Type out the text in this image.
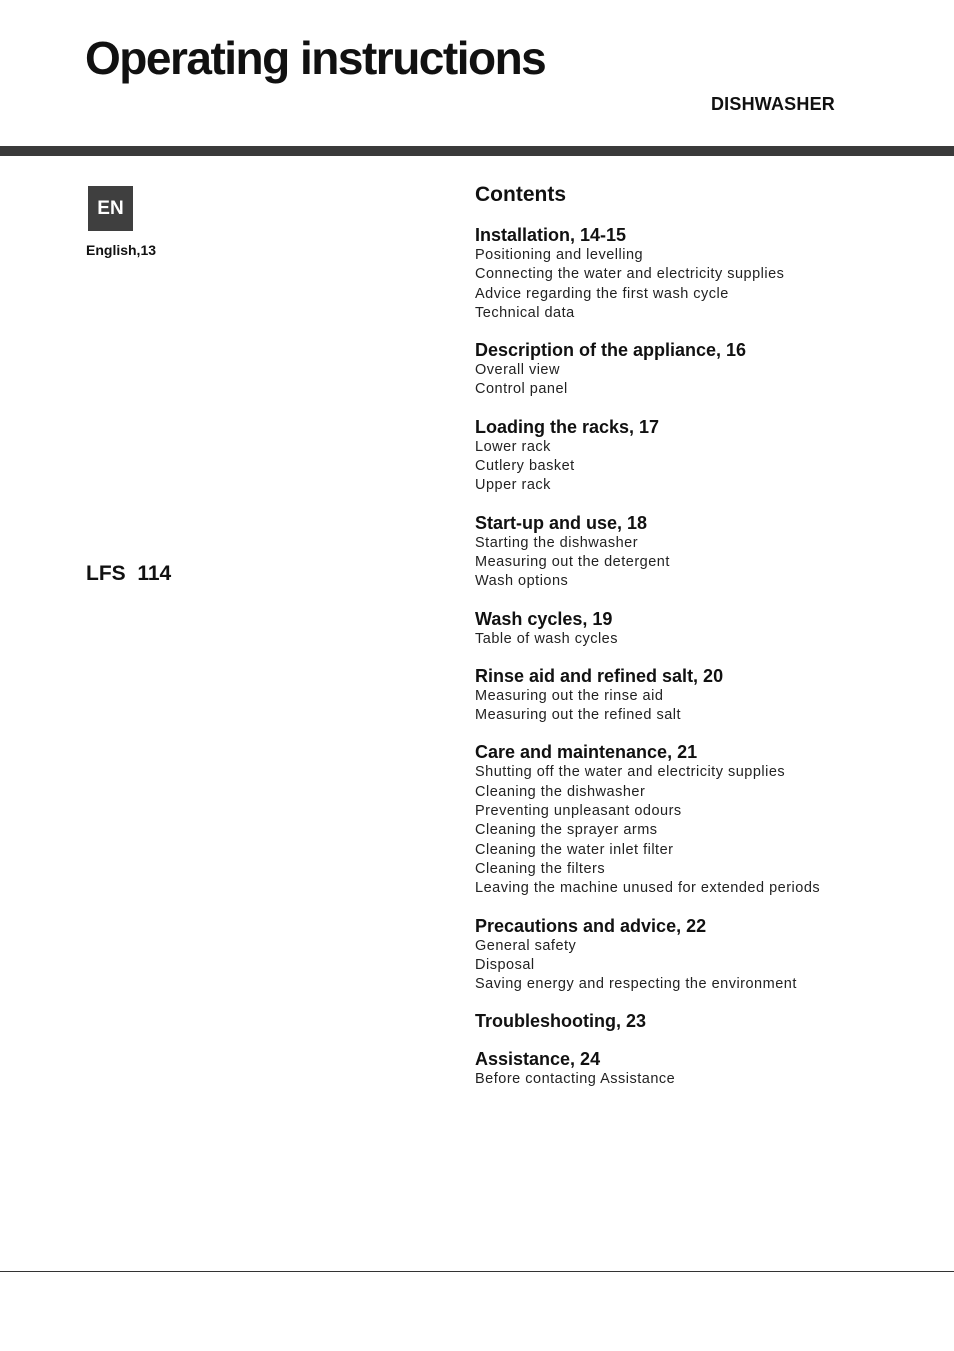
Operating instructions
DISHWASHER
EN
English,13
LFS  114
Contents
Installation, 14-15
Positioning and levelling
Connecting the water and electricity supplies
Advice regarding the first wash cycle
Technical data
Description of the appliance, 16
Overall view
Control panel
Loading the racks, 17
Lower rack
Cutlery basket
Upper rack
Start-up and use, 18
Starting the dishwasher
Measuring out the detergent
Wash options
Wash cycles, 19
Table of wash cycles
Rinse aid and refined salt, 20
Measuring out the rinse aid
Measuring out the refined salt
Care and maintenance, 21
Shutting off the water and electricity supplies
Cleaning the dishwasher
Preventing unpleasant odours
Cleaning the sprayer arms
Cleaning the water inlet filter
Cleaning the filters
Leaving the machine unused for extended periods
Precautions and advice, 22
General safety
Disposal
Saving energy and respecting the environment
Troubleshooting, 23
Assistance, 24
Before contacting Assistance
